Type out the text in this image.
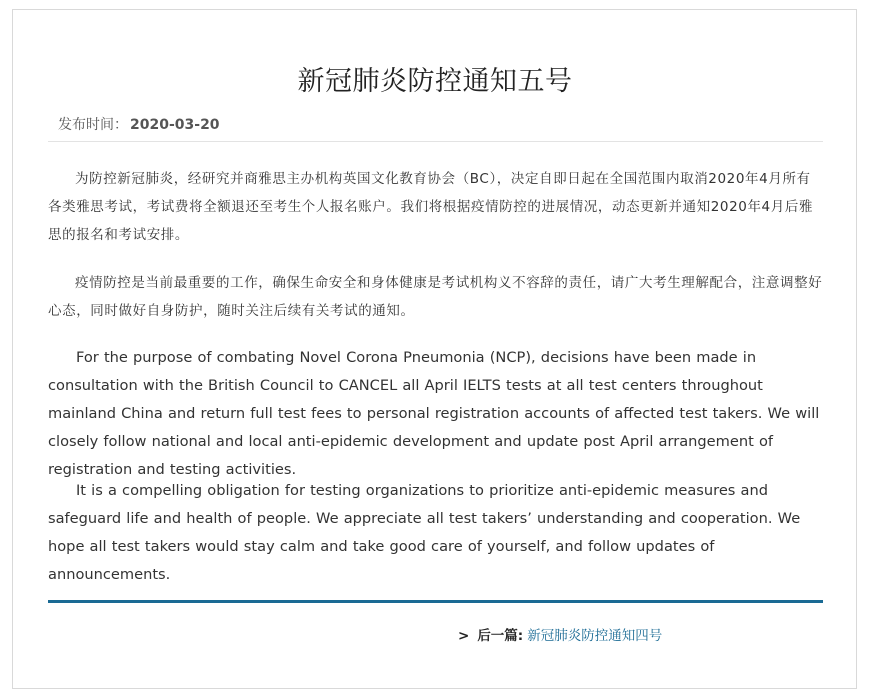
新冠肺炎防控通知五号
发布时间： 2020-03-20

为防控新冠肺炎，经研究并商雅思主办机构英国文化教育协会（BC），决定自即日起在全国范围内取消2020年4月所有各类雅思考试，考试费将全额退还至考生个人报名账户。我们将根据疫情防控的进展情况，动态更新并通知2020年4月后雅思的报名和考试安排。

疫情防控是当前最重要的工作，确保生命安全和身体健康是考试机构义不容辞的责任，请广大考生理解配合，注意调整好心态，同时做好自身防护，随时关注后续有关考试的通知。

For the purpose of combating Novel Corona Pneumonia (NCP), decisions have been made in consultation with the British Council to CANCEL all April IELTS tests at all test centers throughout mainland China and return full test fees to personal registration accounts of affected test takers. We will closely follow national and local anti-epidemic development and update post April arrangement of registration and testing activities.

It is a compelling obligation for testing organizations to prioritize anti-epidemic measures and safeguard life and health of people. We appreciate all test takers’ understanding and cooperation. We hope all test takers would stay calm and take good care of yourself, and follow updates of announcements.

> 后一篇: 新冠肺炎防控通知四号
